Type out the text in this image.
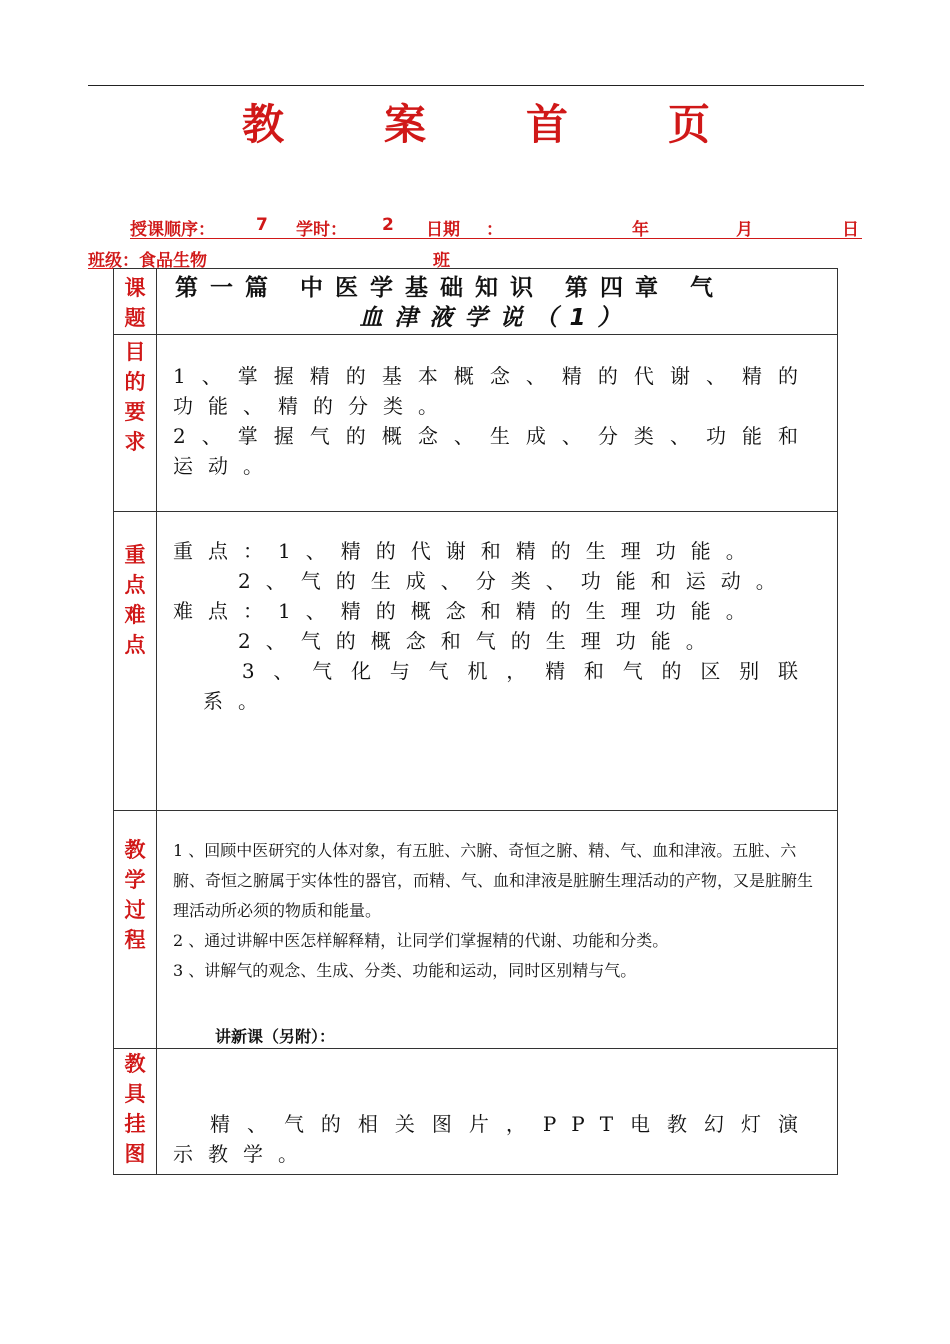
教 案 首 页
授课顺序： 7 学时： 2 日期 ：	年	月	日
班级：食品生物	班
课题	第一篇 中医学基础知识 第四章 气
血津液学说（1）

目的要求	1、掌握精的基本概念、精的代谢、精的功能、精的分类。

2、掌握气的概念、生成、分类、功能和运动。

重点难点	重点：1、精的代谢和精的生理功能。

　2、气的生成、分类、功能和运动。

难点：1、精的概念和精的生理功能。

　2、气的概念和气的生理功能。

　3、气化与气机，精和气的区别联系。

教学过程	1 、回顾中医研究的人体对象，有五脏、六腑、奇恒之腑、精、气、血和津液。五脏、六腑、奇恒之腑属于实体性的器官，而精、气、血和津液是脏腑生理活动的产物，又是脏腑生理活动所必须的物质和能量。

2 、通过讲解中医怎样解释精，让同学们掌握精的代谢、功能和分类。

3 、讲解气的观念、生成、分类、功能和运动，同时区别精与气。

讲新课（另附）：

教具挂图	　精、气的相关图片，PPT电教幻灯演示教学。
